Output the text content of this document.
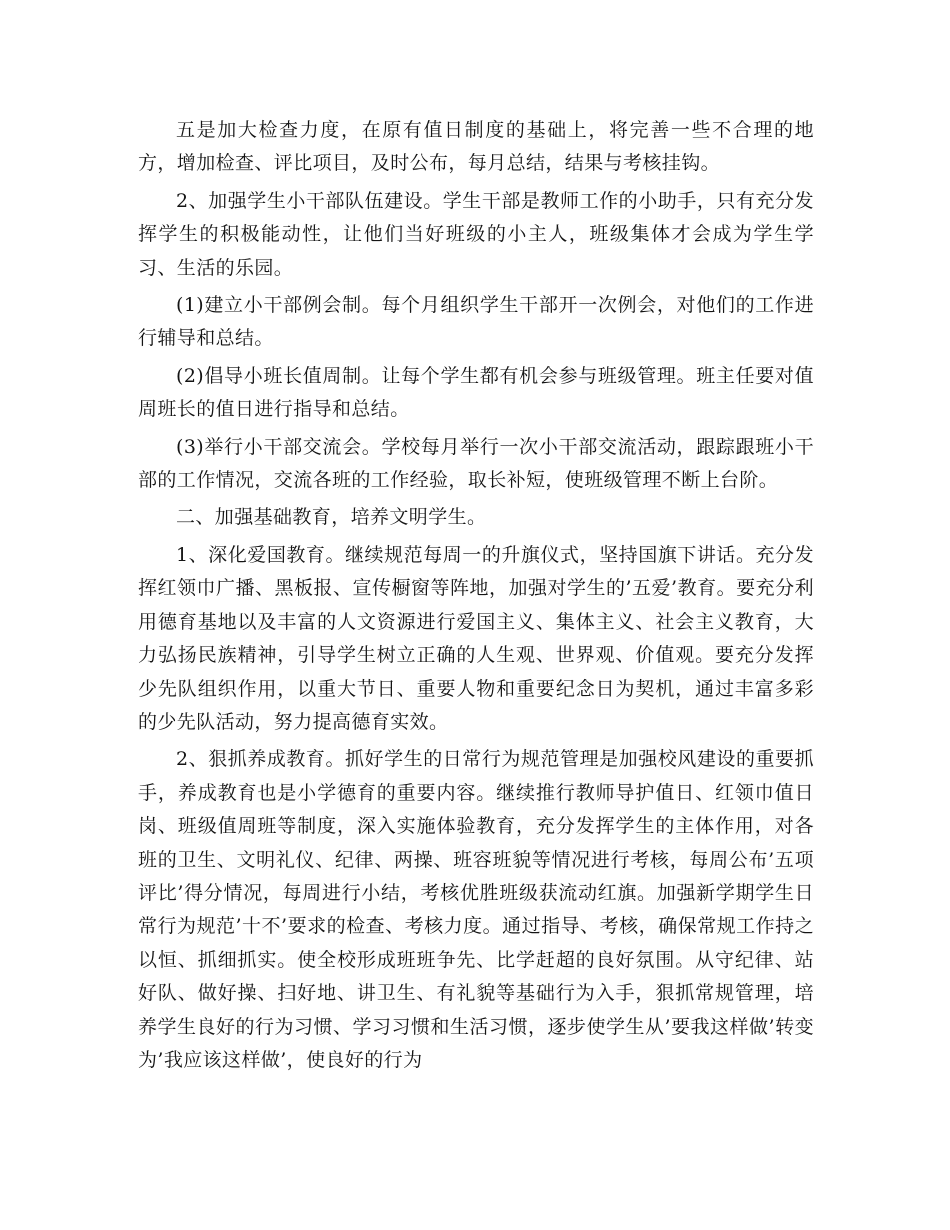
五是加大检查力度，在原有值日制度的基础上，将完善一些不合理的地方，增加检查、评比项目，及时公布，每月总结，结果与考核挂钩。

2、加强学生小干部队伍建设。学生干部是教师工作的小助手，只有充分发挥学生的积极能动性，让他们当好班级的小主人，班级集体才会成为学生学习、生活的乐园。

(1)建立小干部例会制。每个月组织学生干部开一次例会，对他们的工作进行辅导和总结。

(2)倡导小班长值周制。让每个学生都有机会参与班级管理。班主任要对值周班长的值日进行指导和总结。

(3)举行小干部交流会。学校每月举行一次小干部交流活动，跟踪跟班小干部的工作情况，交流各班的工作经验，取长补短，使班级管理不断上台阶。

二、加强基础教育，培养文明学生。

1、深化爱国教育。继续规范每周一的升旗仪式，坚持国旗下讲话。充分发挥红领巾广播、黑板报、宣传橱窗等阵地，加强对学生的’五爱’教育。要充分利用德育基地以及丰富的人文资源进行爱国主义、集体主义、社会主义教育，大力弘扬民族精神，引导学生树立正确的人生观、世界观、价值观。要充分发挥少先队组织作用，以重大节日、重要人物和重要纪念日为契机，通过丰富多彩的少先队活动，努力提高德育实效。

2、狠抓养成教育。抓好学生的日常行为规范管理是加强校风建设的重要抓手，养成教育也是小学德育的重要内容。继续推行教师导护值日、红领巾值日岗、班级值周班等制度，深入实施体验教育，充分发挥学生的主体作用，对各班的卫生、文明礼仪、纪律、两操、班容班貌等情况进行考核，每周公布’五项评比’得分情况，每周进行小结，考核优胜班级获流动红旗。加强新学期学生日常行为规范’十不’要求的检查、考核力度。通过指导、考核，确保常规工作持之以恒、抓细抓实。使全校形成班班争先、比学赶超的良好氛围。从守纪律、站好队、做好操、扫好地、讲卫生、有礼貌等基础行为入手，狠抓常规管理，培养学生良好的行为习惯、学习习惯和生活习惯，逐步使学生从’要我这样做’转变为’我应该这样做’，使良好的行为
